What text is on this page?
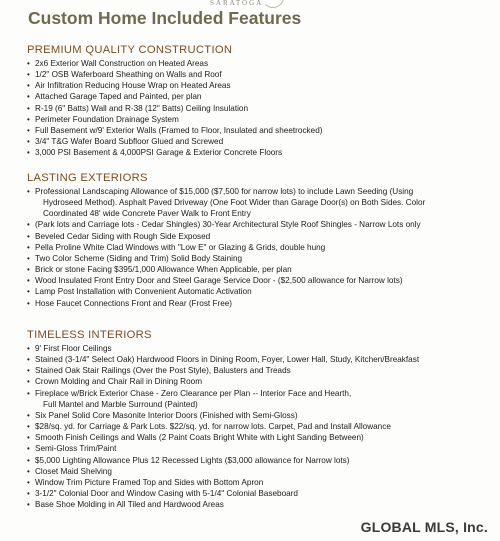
SARATOGA
Custom Home Included Features
PREMIUM QUALITY CONSTRUCTION
• 2x6 Exterior Wall Construction on Heated Areas
• 1/2" OSB Waferboard Sheathing on Walls and Roof
• Air Infiltration Reducing House Wrap on Heated Areas
• Attached Garage Taped and Painted, per plan
• R-19 (6" Batts) Wall and R-38 (12" Batts) Ceiling Insulation
• Perimeter Foundation Drainage System
• Full Basement w/9' Exterior Walls (Framed to Floor, Insulated and sheetrocked)
• 3/4" T&G Wafer Board Subfloor Glued and Screwed
• 3,000 PSI Basement & 4,000PSI Garage & Exterior Concrete Floors
LASTING EXTERIORS
• Professional Landscaping Allowance of $15,000 ($7,500 for narrow lots) to include Lawn Seeding (Using
Hydroseed Method). Asphalt Paved Driveway (One Foot Wider than Garage Door(s) on Both Sides. Color
Coordinated 48' wide Concrete Paver Walk to Front Entry
• (Park lots and Carriage lots - Cedar Shingles) 30-Year Architectural Style Roof Shingles - Narrow Lots only
• Beveled Cedar Siding with Rough Side Exposed
• Pella Proline White Clad Windows with "Low E" or Glazing & Grids, double hung
• Two Color Scheme (Siding and Trim) Solid Body Staining
• Brick or stone Facing $395/1,000 Allowance When Applicable, per plan
• Wood Insulated Front Entry Door and Steel Garage Service Door - ($2,500 allowance for Narrow lots)
• Lamp Post Installation with Convenient Automatic Activation
• Hose Faucet Connections Front and Rear (Frost Free)
TIMELESS INTERIORS
• 9' First Floor Ceilings
• Stained (3-1/4" Select Oak) Hardwood Floors in Dining Room, Foyer, Lower Hall, Study, Kitchen/Breakfast
• Stained Oak Stair Railings (Over the Post Style), Balusters and Treads
• Crown Molding and Chair Rail in Dining Room
• Fireplace w/Brick Exterior Chase - Zero Clearance per Plan -- Interior Face and Hearth,
Full Mantel and Marble Surround (Painted)
• Six Panel Solid Core Masonite Interior Doors (Finished with Semi-Gloss)
• $28/sq. yd. for Carriage & Park Lots. $22/sq. yd. for narrow lots. Carpet, Pad and Install Allowance
• Smooth Finish Ceilings and Walls (2 Paint Coats Bright White with Light Sanding Between)
• Semi-Gloss Trim/Paint
• $5,000 Lighting Allowance Plus 12 Recessed Lights ($3,000 allowance for Narrow lots)
• Closet Maid Shelving
• Window Trim Picture Framed Top and Sides with Bottom Apron
• 3-1/2" Colonial Door and Window Casing with 5-1/4" Colonial Baseboard
• Base Shoe Molding in All Tiled and Hardwood Areas
GLOBAL MLS, Inc.
